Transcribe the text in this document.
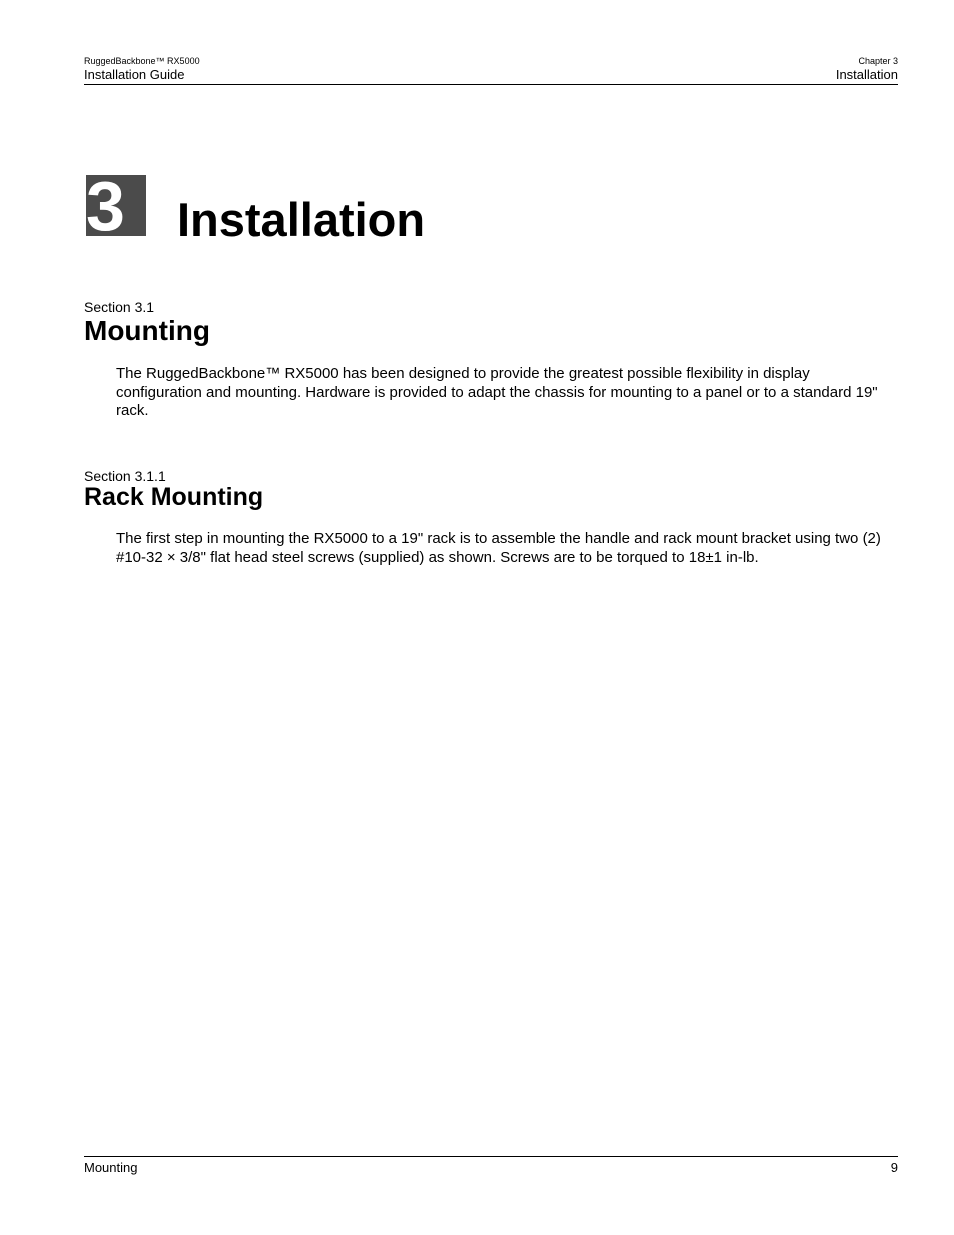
RuggedBackbone™ RX5000
Installation Guide
Chapter 3
Installation
3 Installation
Section 3.1
Mounting
The RuggedBackbone™ RX5000 has been designed to provide the greatest possible flexibility in display configuration and mounting. Hardware is provided to adapt the chassis for mounting to a panel or to a standard 19" rack.
Section 3.1.1
Rack Mounting
The first step in mounting the RX5000 to a 19" rack is to assemble the handle and rack mount bracket using two (2) #10-32 × 3/8" flat head steel screws (supplied) as shown. Screws are to be torqued to 18±1 in-lb.
Mounting	9
